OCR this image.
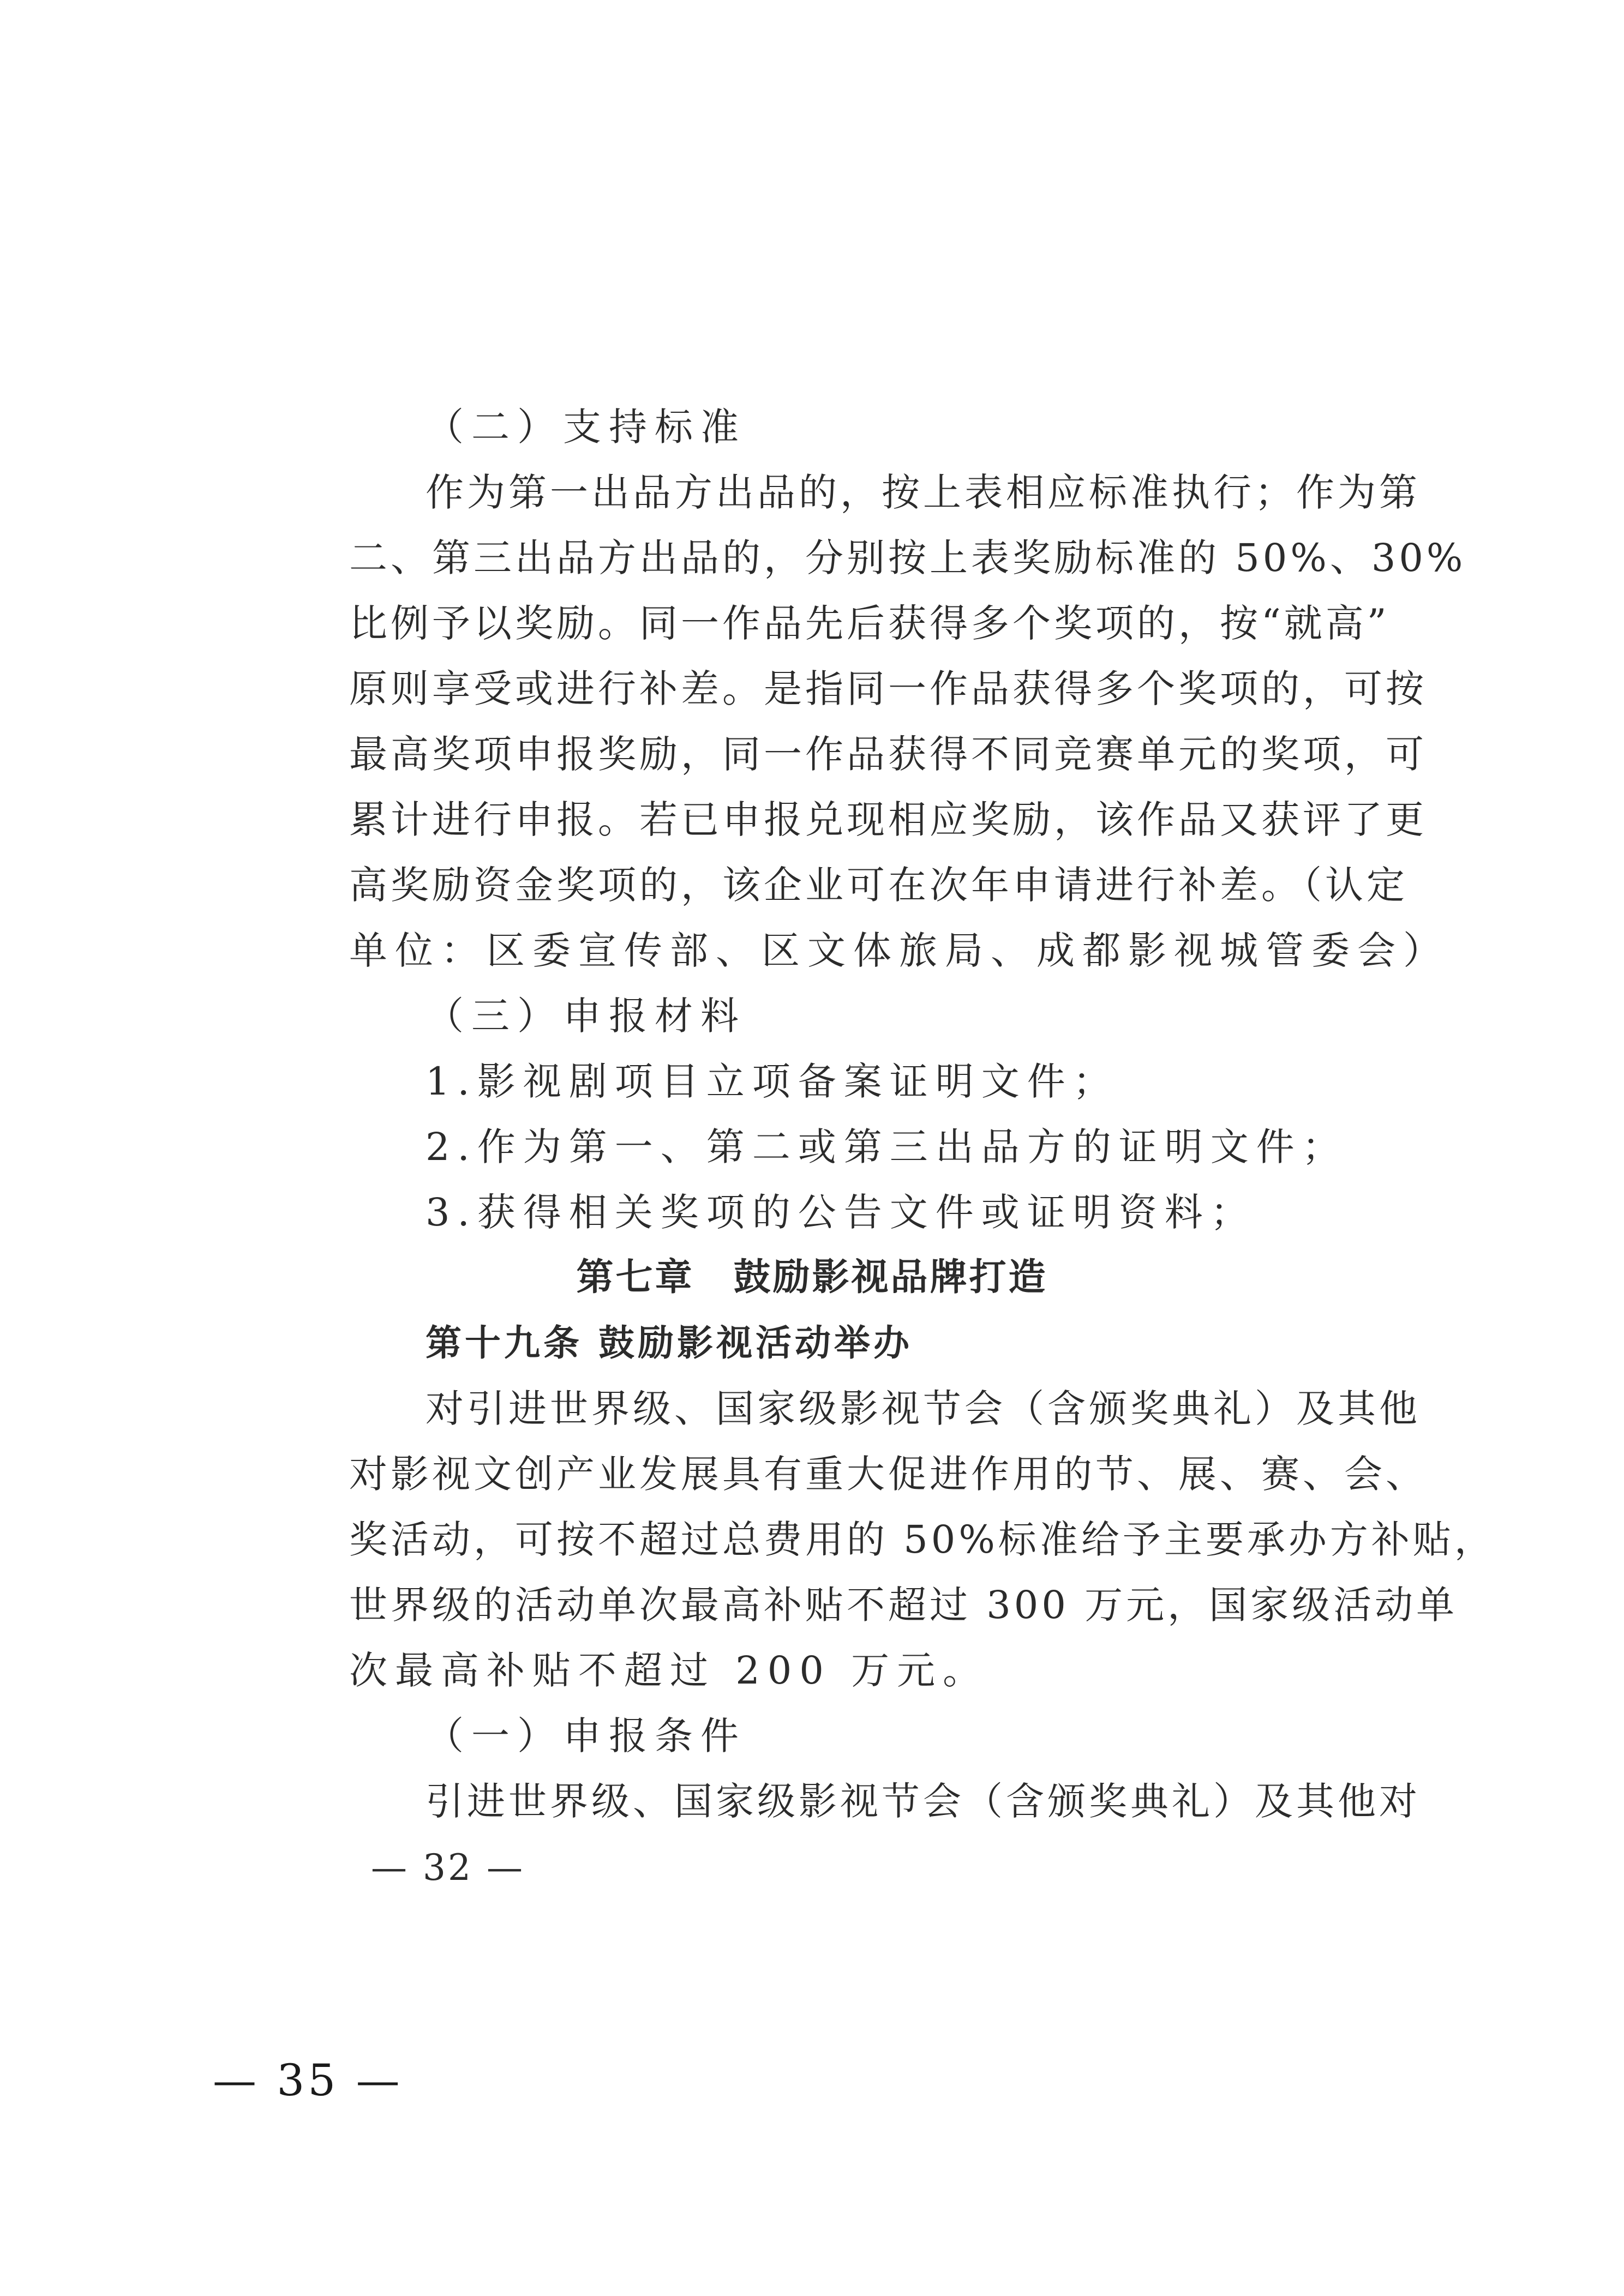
（二）支持标准
作为第一出品方出品的，按上表相应标准执行；作为第
二、第三出品方出品的，分别按上表奖励标准的 50%、30%
比例予以奖励。同一作品先后获得多个奖项的，按“就高”
原则享受或进行补差。是指同一作品获得多个奖项的，可按
最高奖项申报奖励，同一作品获得不同竞赛单元的奖项，可
累计进行申报。若已申报兑现相应奖励，该作品又获评了更
高奖励资金奖项的，该企业可在次年申请进行补差。（认定
单位：区委宣传部、区文体旅局、成都影视城管委会）
（三）申报材料
1.影视剧项目立项备案证明文件；
2.作为第一、第二或第三出品方的证明文件；
3.获得相关奖项的公告文件或证明资料；
第七章　鼓励影视品牌打造
第十九条 鼓励影视活动举办
对引进世界级、国家级影视节会（含颁奖典礼）及其他
对影视文创产业发展具有重大促进作用的节、展、赛、会、
奖活动，可按不超过总费用的 50%标准给予主要承办方补贴，
世界级的活动单次最高补贴不超过 300 万元，国家级活动单
次最高补贴不超过 200 万元。
（一）申报条件
引进世界级、国家级影视节会（含颁奖典礼）及其他对
— 32 —
— 35 —
